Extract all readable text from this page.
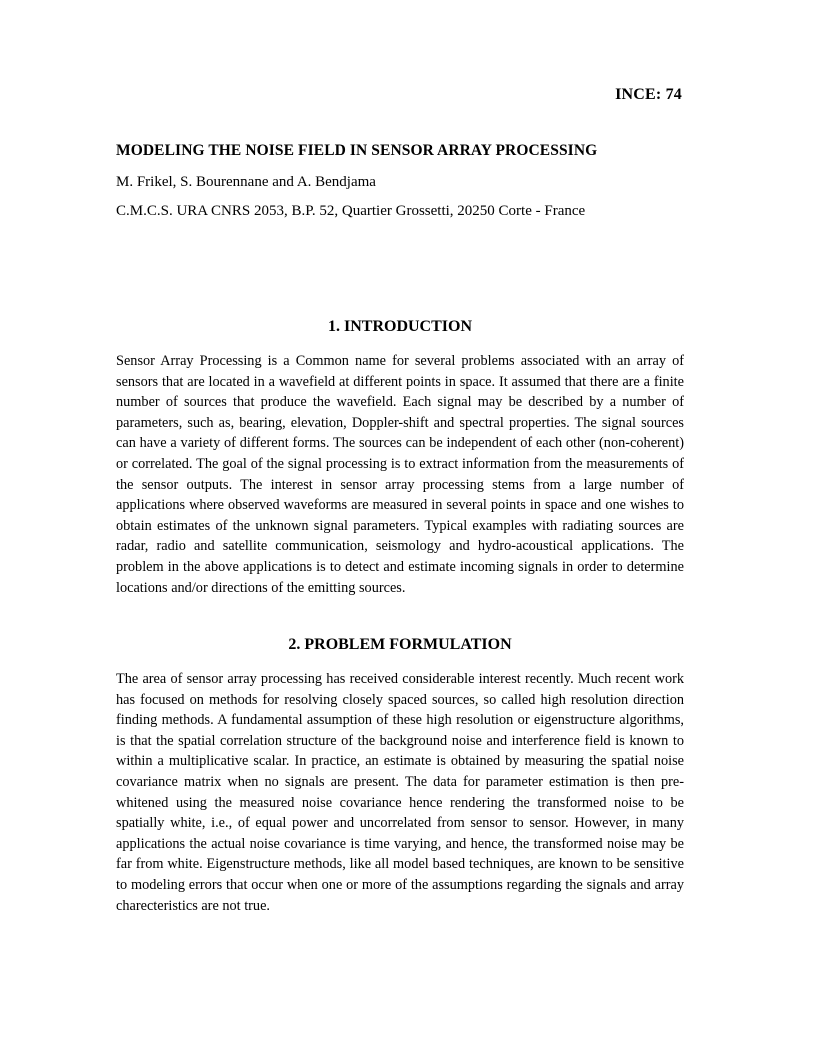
INCE: 74
MODELING THE NOISE FIELD IN SENSOR ARRAY PROCESSING
M. Frikel, S. Bourennane and A. Bendjama
C.M.C.S. URA CNRS 2053, B.P. 52, Quartier Grossetti, 20250 Corte - France
1. INTRODUCTION

Sensor Array Processing is a Common name for several problems associated with an array of sensors that are located in a wavefield at different points in space. It assumed that there are a finite number of sources that produce the wavefield. Each signal may be described by a number of parameters, such as, bearing, elevation, Doppler-shift and spectral properties. The signal sources can have a variety of different forms. The sources can be independent of each other (non-coherent) or correlated. The goal of the signal processing is to extract information from the measurements of the sensor outputs. The interest in sensor array processing stems from a large number of applications where observed waveforms are measured in several points in space and one wishes to obtain estimates of the unknown signal parameters. Typical examples with radiating sources are radar, radio and satellite communication, seismology and hydro-acoustical applications. The problem in the above applications is to detect and estimate incoming signals in order to determine locations and/or directions of the emitting sources.

2. PROBLEM FORMULATION

The area of sensor array processing has received considerable interest recently. Much recent work has focused on methods for resolving closely spaced sources, so called high resolution direction finding methods. A fundamental assumption of these high resolution or eigenstructure algorithms, is that the spatial correlation structure of the background noise and interference field is known to within a multiplicative scalar. In practice, an estimate is obtained by measuring the spatial noise covariance matrix when no signals are present. The data for parameter estimation is then pre-whitened using the measured noise covariance hence rendering the transformed noise to be spatially white, i.e., of equal power and uncorrelated from sensor to sensor. However, in many applications the actual noise covariance is time varying, and hence, the transformed noise may be far from white. Eigenstructure methods, like all model based techniques, are known to be sensitive to modeling errors that occur when one or more of the assumptions regarding the signals and array charecteristics are not true.
